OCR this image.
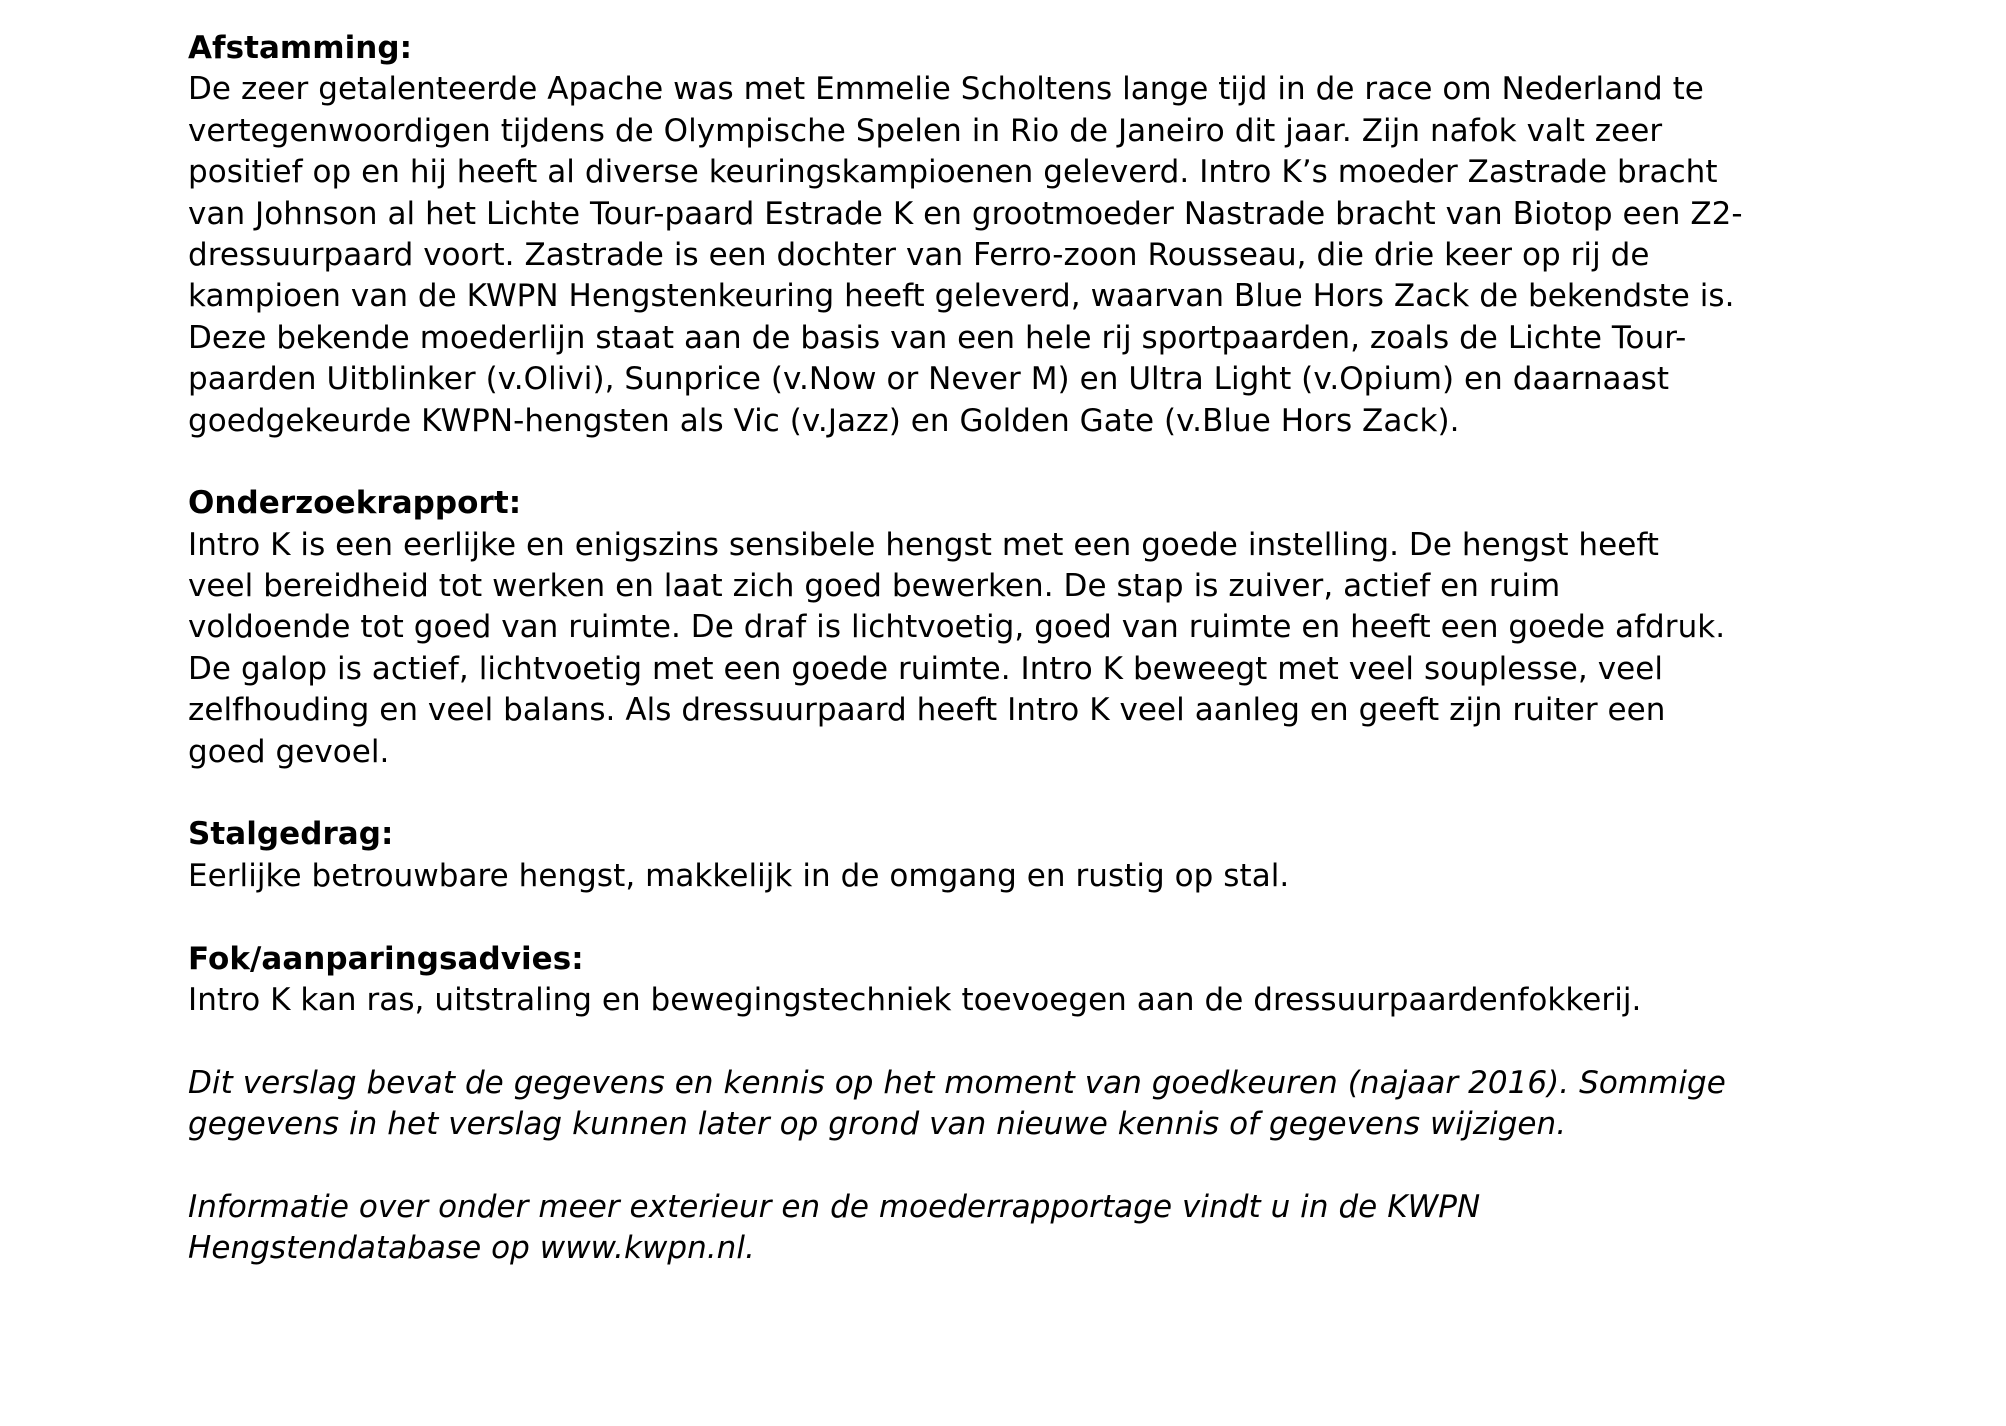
Afstamming:
De zeer getalenteerde Apache was met Emmelie Scholtens lange tijd in de race om Nederland te
vertegenwoordigen tijdens de Olympische Spelen in Rio de Janeiro dit jaar. Zijn nafok valt zeer
positief op en hij heeft al diverse keuringskampioenen geleverd. Intro K’s moeder Zastrade bracht
van Johnson al het Lichte Tour-paard Estrade K en grootmoeder Nastrade bracht van Biotop een Z2-
dressuurpaard voort. Zastrade is een dochter van Ferro-zoon Rousseau, die drie keer op rij de
kampioen van de KWPN Hengstenkeuring heeft geleverd, waarvan Blue Hors Zack de bekendste is.
Deze bekende moederlijn staat aan de basis van een hele rij sportpaarden, zoals de Lichte Tour-
paarden Uitblinker (v.Olivi), Sunprice (v.Now or Never M) en Ultra Light (v.Opium) en daarnaast
goedgekeurde KWPN-hengsten als Vic (v.Jazz) en Golden Gate (v.Blue Hors Zack).
Onderzoekrapport:
Intro K is een eerlijke en enigszins sensibele hengst met een goede instelling. De hengst heeft
veel bereidheid tot werken en laat zich goed bewerken. De stap is zuiver, actief en ruim
voldoende tot goed van ruimte. De draf is lichtvoetig, goed van ruimte en heeft een goede afdruk.
De galop is actief, lichtvoetig met een goede ruimte. Intro K beweegt met veel souplesse, veel
zelfhouding en veel balans. Als dressuurpaard heeft Intro K veel aanleg en geeft zijn ruiter een
goed gevoel.
Stalgedrag:
Eerlijke betrouwbare hengst, makkelijk in de omgang en rustig op stal.
Fok/aanparingsadvies:
Intro K kan ras, uitstraling en bewegingstechniek toevoegen aan de dressuurpaardenfokkerij.
Dit verslag bevat de gegevens en kennis op het moment van goedkeuren (najaar 2016). Sommige
gegevens in het verslag kunnen later op grond van nieuwe kennis of gegevens wijzigen.
Informatie over onder meer exterieur en de moederrapportage vindt u in de KWPN
Hengstendatabase op www.kwpn.nl.
